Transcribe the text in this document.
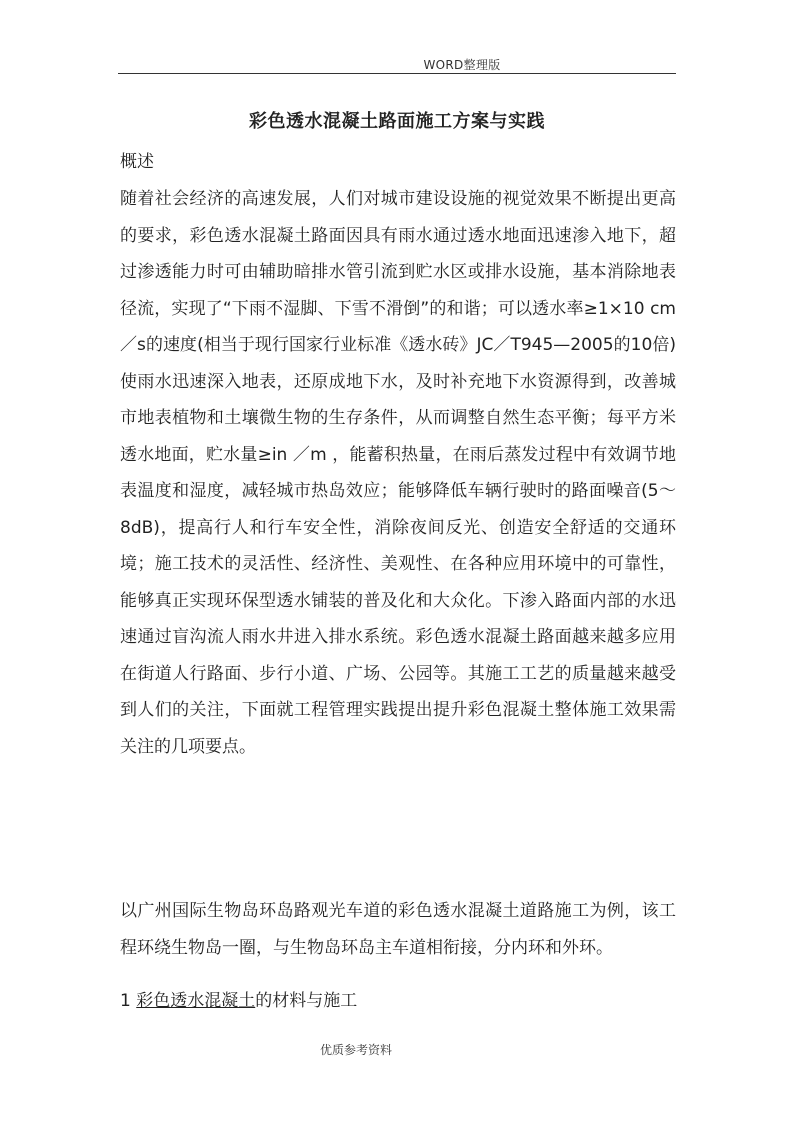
WORD整理版
彩色透水混凝土路面施工方案与实践

概述

随着社会经济的高速发展，人们对城市建设设施的视觉效果不断提出更高的要求，彩色透水混凝土路面因具有雨水通过透水地面迅速渗入地下，超过渗透能力时可由辅助暗排水管引流到贮水区或排水设施，基本消除地表径流，实现了“下雨不湿脚、下雪不滑倒”的和谐；可以透水率≥1×10 cm／s的速度(相当于现行国家行业标准《透水砖》JC／T945—2005的10倍)使雨水迅速深入地表，还原成地下水，及时补充地下水资源得到，改善城市地表植物和土壤微生物的生存条件，从而调整自然生态平衡；每平方米透水地面，贮水量≥in ／m ，能蓄积热量，在雨后蒸发过程中有效调节地表温度和湿度，减轻城市热岛效应；能够降低车辆行驶时的路面噪音(5～8dB)，提高行人和行车安全性，消除夜间反光、创造安全舒适的交通环境；施工技术的灵活性、经济性、美观性、在各种应用环境中的可靠性，能够真正实现环保型透水铺装的普及化和大众化。下渗入路面内部的水迅速通过盲沟流人雨水井进入排水系统。彩色透水混凝土路面越来越多应用在街道人行路面、步行小道、广场、公园等。其施工工艺的质量越来越受到人们的关注，下面就工程管理实践提出提升彩色混凝土整体施工效果需关注的几项要点。

以广州国际生物岛环岛路观光车道的彩色透水混凝土道路施工为例，该工程环绕生物岛一圈，与生物岛环岛主车道相衔接，分内环和外环。

1 彩色透水混凝土的材料与施工

优质参考资料
